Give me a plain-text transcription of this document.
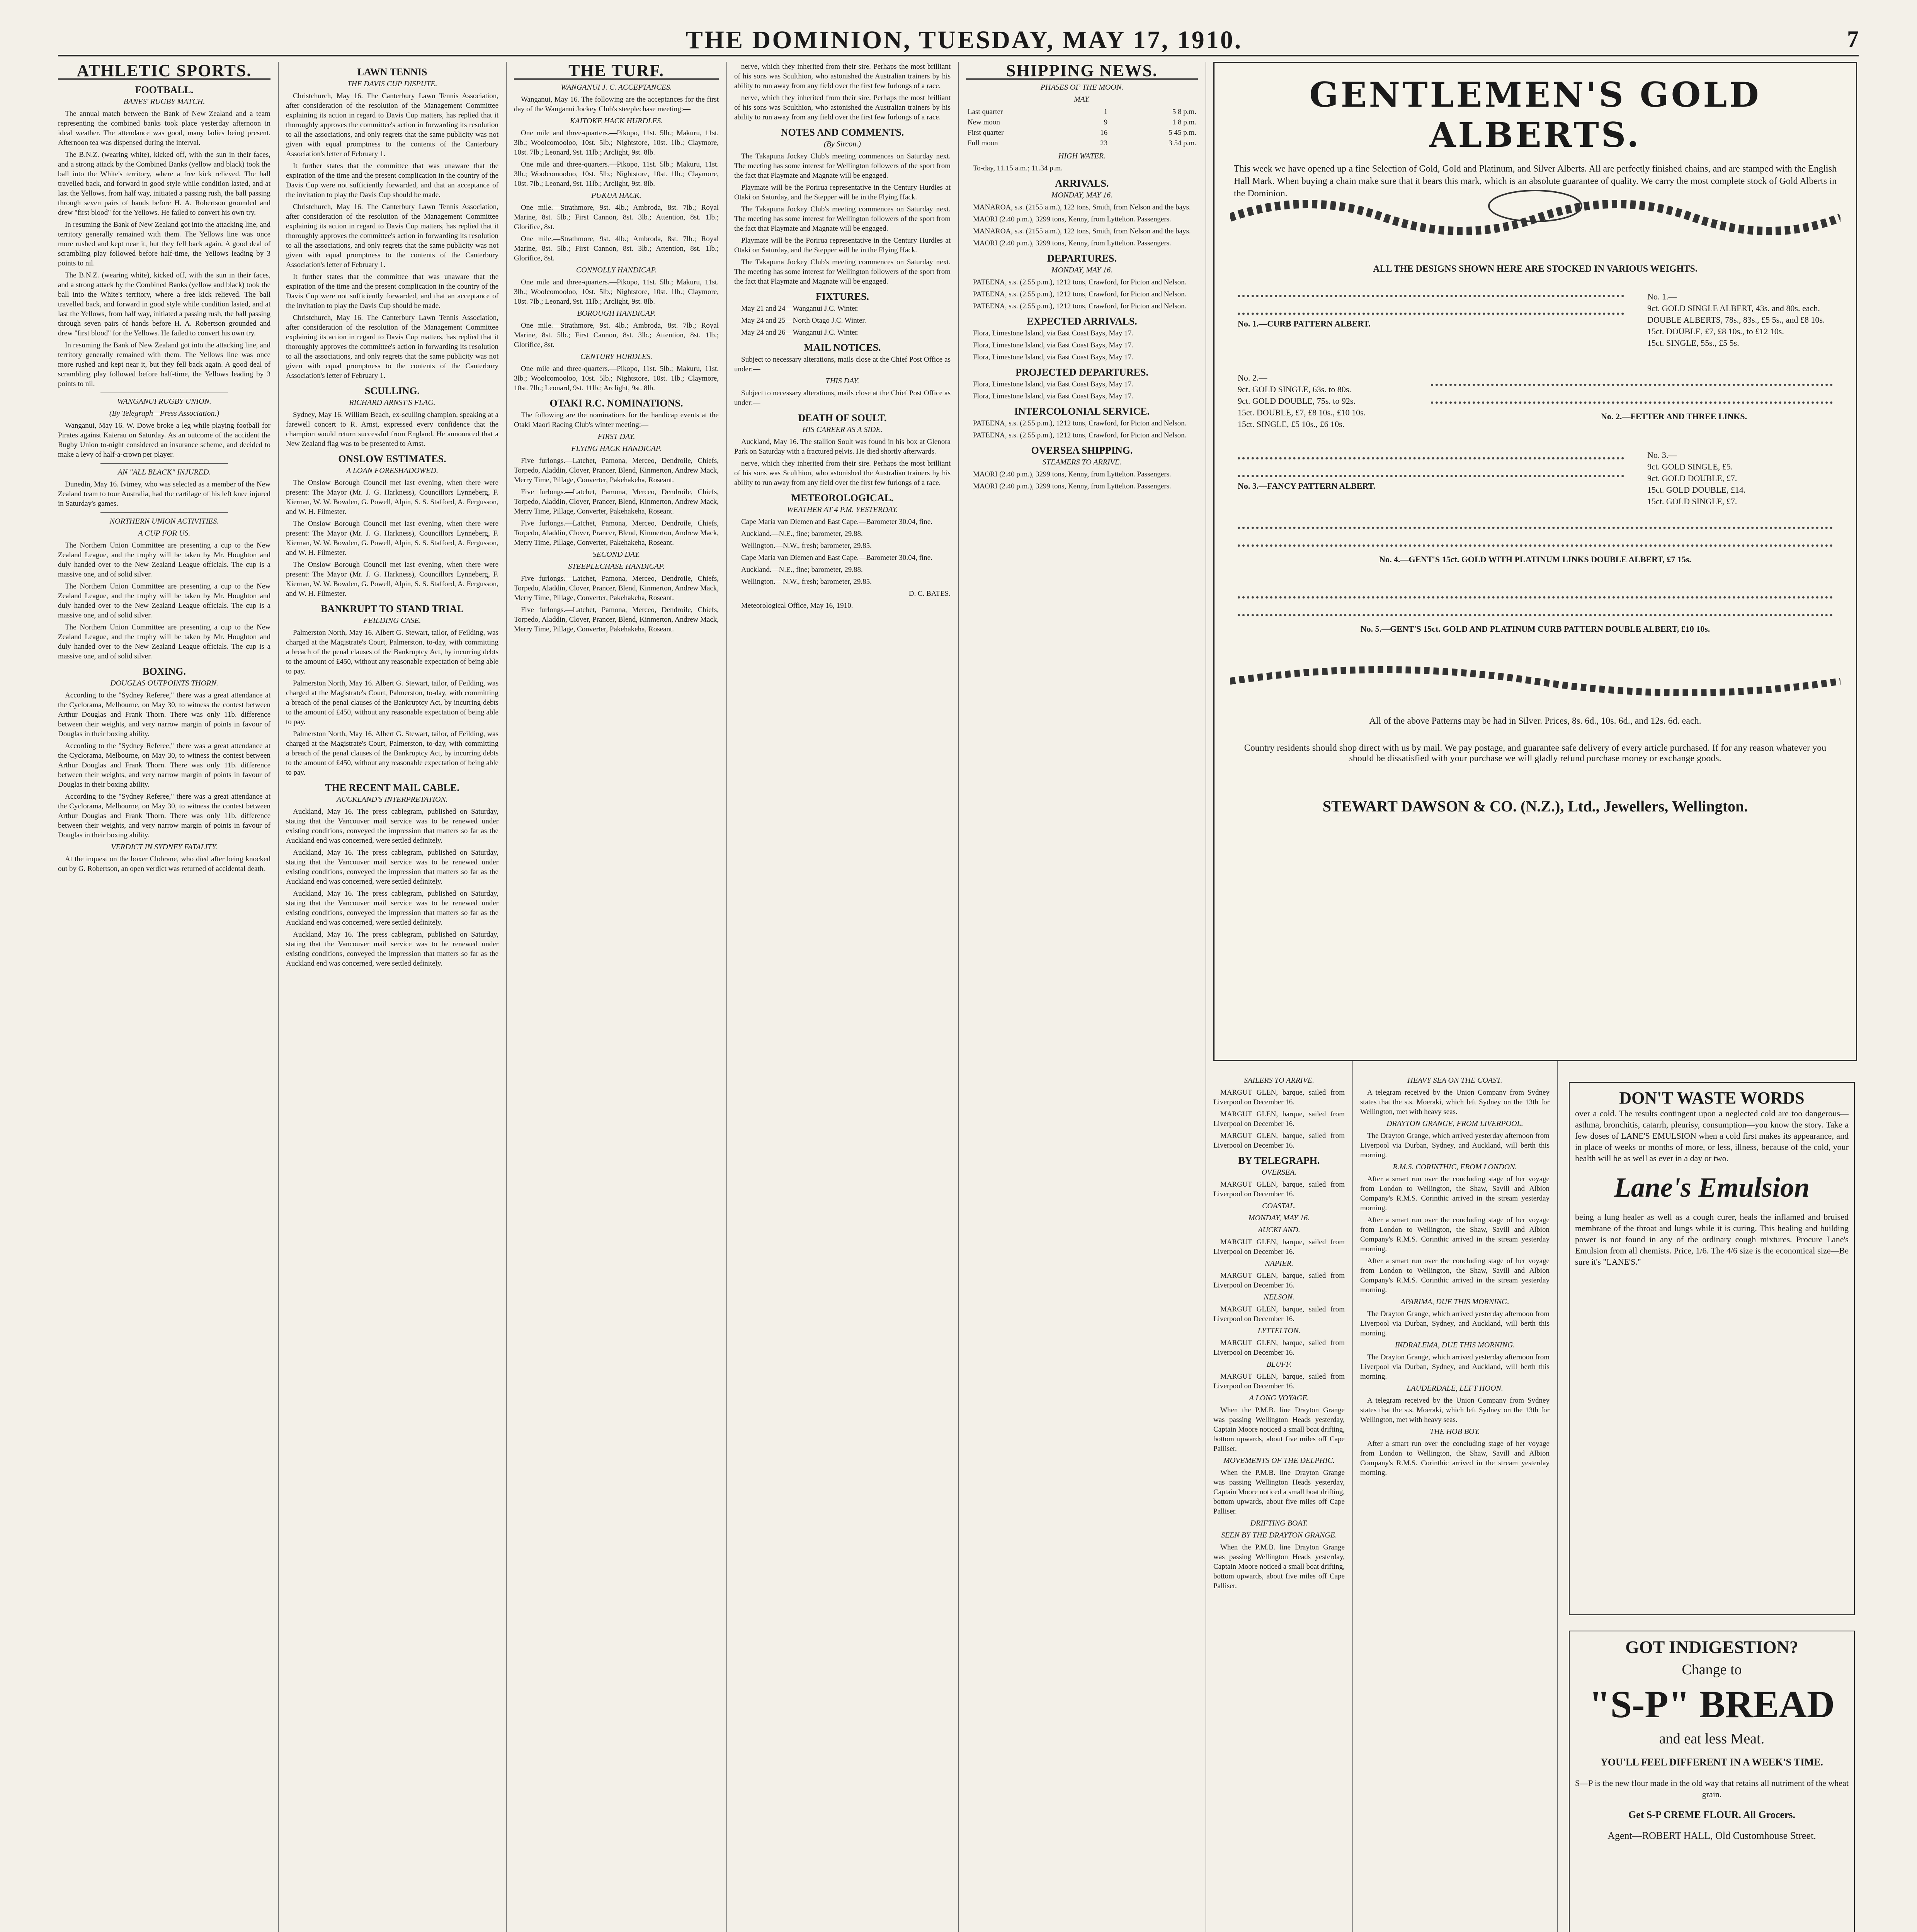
THE DOMINION, TUESDAY, MAY 17, 1910.	7
ATHLETIC SPORTS.
FOOTBALL.
BANES' RUGBY MATCH.

The annual match between the Bank of New Zealand and a team representing the combined banks took place yesterday afternoon in ideal weather. The attendance was good, many ladies being present. Afternoon tea was dispensed during the interval.

The B.N.Z. (wearing white), kicked off, with the sun in their faces, and a strong attack by the Combined Banks (yellow and black) took the ball into the White's territory, where a free kick relieved. The ball travelled back, and forward in good style while condition lasted, and at last the Yellows, from half way, initiated a passing rush, the ball passing through seven pairs of hands before H. A. Robertson grounded and drew "first blood" for the Yellows. He failed to convert his own try.

In resuming the Bank of New Zealand got into the attacking line, and territory generally remained with them. The Yellows line was once more rushed and kept near it, but they fell back again. A good deal of scrambling play followed before half-time, the Yellows leading by 3 points to nil.

The B.N.Z. (wearing white), kicked off, with the sun in their faces, and a strong attack by the Combined Banks (yellow and black) took the ball into the White's territory, where a free kick relieved. The ball travelled back, and forward in good style while condition lasted, and at last the Yellows, from half way, initiated a passing rush, the ball passing through seven pairs of hands before H. A. Robertson grounded and drew "first blood" for the Yellows. He failed to convert his own try.

In resuming the Bank of New Zealand got into the attacking line, and territory generally remained with them. The Yellows line was once more rushed and kept near it, but they fell back again. A good deal of scrambling play followed before half-time, the Yellows leading by 3 points to nil.

WANGANUI RUGBY UNION.
(By Telegraph—Press Association.)

Wanganui, May 16. W. Dowe broke a leg while playing football for Pirates against Kaierau on Saturday. As an outcome of the accident the Rugby Union to-night considered an insurance scheme, and decided to make a levy of half-a-crown per player.

AN "ALL BLACK" INJURED.

Dunedin, May 16. Ivimey, who was selected as a member of the New Zealand team to tour Australia, had the cartilage of his left knee injured in Saturday's games.

NORTHERN UNION ACTIVITIES.
A CUP FOR US.

The Northern Union Committee are presenting a cup to the New Zealand League, and the trophy will be taken by Mr. Houghton and duly handed over to the New Zealand League officials. The cup is a massive one, and of solid silver.

The Northern Union Committee are presenting a cup to the New Zealand League, and the trophy will be taken by Mr. Houghton and duly handed over to the New Zealand League officials. The cup is a massive one, and of solid silver.

The Northern Union Committee are presenting a cup to the New Zealand League, and the trophy will be taken by Mr. Houghton and duly handed over to the New Zealand League officials. The cup is a massive one, and of solid silver.

BOXING.
DOUGLAS OUTPOINTS THORN.

According to the "Sydney Referee," there was a great attendance at the Cyclorama, Melbourne, on May 30, to witness the contest between Arthur Douglas and Frank Thorn. There was only 11b. difference between their weights, and very narrow margin of points in favour of Douglas in their boxing ability.

According to the "Sydney Referee," there was a great attendance at the Cyclorama, Melbourne, on May 30, to witness the contest between Arthur Douglas and Frank Thorn. There was only 11b. difference between their weights, and very narrow margin of points in favour of Douglas in their boxing ability.

According to the "Sydney Referee," there was a great attendance at the Cyclorama, Melbourne, on May 30, to witness the contest between Arthur Douglas and Frank Thorn. There was only 11b. difference between their weights, and very narrow margin of points in favour of Douglas in their boxing ability.

VERDICT IN SYDNEY FATALITY.

At the inquest on the boxer Clobrane, who died after being knocked out by G. Robertson, an open verdict was returned of accidental death.

LAWN TENNIS
THE DAVIS CUP DISPUTE.

Christchurch, May 16. The Canterbury Lawn Tennis Association, after consideration of the resolution of the Management Committee explaining its action in regard to Davis Cup matters, has replied that it thoroughly approves the committee's action in forwarding its resolution to all the associations, and only regrets that the same publicity was not given with equal promptness to the contents of the Canterbury Association's letter of February 1.

It further states that the committee that was unaware that the expiration of the time and the present complication in the country of the Davis Cup were not sufficiently forwarded, and that an acceptance of the invitation to play the Davis Cup should be made.

Christchurch, May 16. The Canterbury Lawn Tennis Association, after consideration of the resolution of the Management Committee explaining its action in regard to Davis Cup matters, has replied that it thoroughly approves the committee's action in forwarding its resolution to all the associations, and only regrets that the same publicity was not given with equal promptness to the contents of the Canterbury Association's letter of February 1.

It further states that the committee that was unaware that the expiration of the time and the present complication in the country of the Davis Cup were not sufficiently forwarded, and that an acceptance of the invitation to play the Davis Cup should be made.

Christchurch, May 16. The Canterbury Lawn Tennis Association, after consideration of the resolution of the Management Committee explaining its action in regard to Davis Cup matters, has replied that it thoroughly approves the committee's action in forwarding its resolution to all the associations, and only regrets that the same publicity was not given with equal promptness to the contents of the Canterbury Association's letter of February 1.

SCULLING.
RICHARD ARNST'S FLAG.

Sydney, May 16. William Beach, ex-sculling champion, speaking at a farewell concert to R. Arnst, expressed every confidence that the champion would return successful from England. He announced that a New Zealand flag was to be presented to Arnst.

ONSLOW ESTIMATES.
A LOAN FORESHADOWED.

The Onslow Borough Council met last evening, when there were present: The Mayor (Mr. J. G. Harkness), Councillors Lynneberg, F. Kiernan, W. W. Bowden, G. Powell, Alpin, S. S. Stafford, A. Fergusson, and W. H. Filmester.

The Onslow Borough Council met last evening, when there were present: The Mayor (Mr. J. G. Harkness), Councillors Lynneberg, F. Kiernan, W. W. Bowden, G. Powell, Alpin, S. S. Stafford, A. Fergusson, and W. H. Filmester.

The Onslow Borough Council met last evening, when there were present: The Mayor (Mr. J. G. Harkness), Councillors Lynneberg, F. Kiernan, W. W. Bowden, G. Powell, Alpin, S. S. Stafford, A. Fergusson, and W. H. Filmester.

BANKRUPT TO STAND TRIAL
FEILDING CASE.

Palmerston North, May 16. Albert G. Stewart, tailor, of Feilding, was charged at the Magistrate's Court, Palmerston, to-day, with committing a breach of the penal clauses of the Bankruptcy Act, by incurring debts to the amount of £450, without any reasonable expectation of being able to pay.

Palmerston North, May 16. Albert G. Stewart, tailor, of Feilding, was charged at the Magistrate's Court, Palmerston, to-day, with committing a breach of the penal clauses of the Bankruptcy Act, by incurring debts to the amount of £450, without any reasonable expectation of being able to pay.

Palmerston North, May 16. Albert G. Stewart, tailor, of Feilding, was charged at the Magistrate's Court, Palmerston, to-day, with committing a breach of the penal clauses of the Bankruptcy Act, by incurring debts to the amount of £450, without any reasonable expectation of being able to pay.

THE RECENT MAIL CABLE.
AUCKLAND'S INTERPRETATION.

Auckland, May 16. The press cablegram, published on Saturday, stating that the Vancouver mail service was to be renewed under existing conditions, conveyed the impression that matters so far as the Auckland end was concerned, were settled definitely.

Auckland, May 16. The press cablegram, published on Saturday, stating that the Vancouver mail service was to be renewed under existing conditions, conveyed the impression that matters so far as the Auckland end was concerned, were settled definitely.

Auckland, May 16. The press cablegram, published on Saturday, stating that the Vancouver mail service was to be renewed under existing conditions, conveyed the impression that matters so far as the Auckland end was concerned, were settled definitely.

Auckland, May 16. The press cablegram, published on Saturday, stating that the Vancouver mail service was to be renewed under existing conditions, conveyed the impression that matters so far as the Auckland end was concerned, were settled definitely.

THE TURF.
WANGANUI J. C. ACCEPTANCES.

Wanganui, May 16. The following are the acceptances for the first day of the Wanganui Jockey Club's steeplechase meeting:—

KAITOKE HACK HURDLES.

One mile and three-quarters.—Pikopo, 11st. 5lb.; Makuru, 11st. 3lb.; Woolcomooloo, 10st. 5lb.; Nightstore, 10st. 1lb.; Claymore, 10st. 7lb.; Leonard, 9st. 11lb.; Arclight, 9st. 8lb.

One mile and three-quarters.—Pikopo, 11st. 5lb.; Makuru, 11st. 3lb.; Woolcomooloo, 10st. 5lb.; Nightstore, 10st. 1lb.; Claymore, 10st. 7lb.; Leonard, 9st. 11lb.; Arclight, 9st. 8lb.

PUKUA HACK.

One mile.—Strathmore, 9st. 4lb.; Ambroda, 8st. 7lb.; Royal Marine, 8st. 5lb.; First Cannon, 8st. 3lb.; Attention, 8st. 1lb.; Glorifice, 8st.

One mile.—Strathmore, 9st. 4lb.; Ambroda, 8st. 7lb.; Royal Marine, 8st. 5lb.; First Cannon, 8st. 3lb.; Attention, 8st. 1lb.; Glorifice, 8st.

CONNOLLY HANDICAP.

One mile and three-quarters.—Pikopo, 11st. 5lb.; Makuru, 11st. 3lb.; Woolcomooloo, 10st. 5lb.; Nightstore, 10st. 1lb.; Claymore, 10st. 7lb.; Leonard, 9st. 11lb.; Arclight, 9st. 8lb.

BOROUGH HANDICAP.

One mile.—Strathmore, 9st. 4lb.; Ambroda, 8st. 7lb.; Royal Marine, 8st. 5lb.; First Cannon, 8st. 3lb.; Attention, 8st. 1lb.; Glorifice, 8st.

CENTURY HURDLES.

One mile and three-quarters.—Pikopo, 11st. 5lb.; Makuru, 11st. 3lb.; Woolcomooloo, 10st. 5lb.; Nightstore, 10st. 1lb.; Claymore, 10st. 7lb.; Leonard, 9st. 11lb.; Arclight, 9st. 8lb.

OTAKI R.C. NOMINATIONS.

The following are the nominations for the handicap events at the Otaki Maori Racing Club's winter meeting:—

FIRST DAY.
FLYING HACK HANDICAP.

Five furlongs.—Latchet, Pamona, Merceo, Dendroile, Chiefs, Torpedo, Aladdin, Clover, Prancer, Blend, Kinmerton, Andrew Mack, Merry Time, Pillage, Converter, Pakehakeha, Roseant.

Five furlongs.—Latchet, Pamona, Merceo, Dendroile, Chiefs, Torpedo, Aladdin, Clover, Prancer, Blend, Kinmerton, Andrew Mack, Merry Time, Pillage, Converter, Pakehakeha, Roseant.

Five furlongs.—Latchet, Pamona, Merceo, Dendroile, Chiefs, Torpedo, Aladdin, Clover, Prancer, Blend, Kinmerton, Andrew Mack, Merry Time, Pillage, Converter, Pakehakeha, Roseant.

SECOND DAY.
STEEPLECHASE HANDICAP.

Five furlongs.—Latchet, Pamona, Merceo, Dendroile, Chiefs, Torpedo, Aladdin, Clover, Prancer, Blend, Kinmerton, Andrew Mack, Merry Time, Pillage, Converter, Pakehakeha, Roseant.

Five furlongs.—Latchet, Pamona, Merceo, Dendroile, Chiefs, Torpedo, Aladdin, Clover, Prancer, Blend, Kinmerton, Andrew Mack, Merry Time, Pillage, Converter, Pakehakeha, Roseant.

nerve, which they inherited from their sire. Perhaps the most brilliant of his sons was Sculthion, who astonished the Australian trainers by his ability to run away from any field over the first few furlongs of a race.

nerve, which they inherited from their sire. Perhaps the most brilliant of his sons was Sculthion, who astonished the Australian trainers by his ability to run away from any field over the first few furlongs of a race.

NOTES AND COMMENTS.
(By Sircon.)

The Takapuna Jockey Club's meeting commences on Saturday next. The meeting has some interest for Wellington followers of the sport from the fact that Playmate and Magnate will be engaged.

Playmate will be the Porirua representative in the Century Hurdles at Otaki on Saturday, and the Stepper will be in the Flying Hack.

The Takapuna Jockey Club's meeting commences on Saturday next. The meeting has some interest for Wellington followers of the sport from the fact that Playmate and Magnate will be engaged.

Playmate will be the Porirua representative in the Century Hurdles at Otaki on Saturday, and the Stepper will be in the Flying Hack.

The Takapuna Jockey Club's meeting commences on Saturday next. The meeting has some interest for Wellington followers of the sport from the fact that Playmate and Magnate will be engaged.

FIXTURES.

May 21 and 24—Wanganui J.C. Winter.

May 24 and 25—North Otago J.C. Winter.

May 24 and 26—Wanganui J.C. Winter.

MAIL NOTICES.

Subject to necessary alterations, mails close at the Chief Post Office as under:—

THIS DAY.

Subject to necessary alterations, mails close at the Chief Post Office as under:—

DEATH OF SOULT.
HIS CAREER AS A SIDE.

Auckland, May 16. The stallion Soult was found in his box at Glenora Park on Saturday with a fractured pelvis. He died shortly afterwards.

nerve, which they inherited from their sire. Perhaps the most brilliant of his sons was Sculthion, who astonished the Australian trainers by his ability to run away from any field over the first few furlongs of a race.

METEOROLOGICAL.
WEATHER AT 4 P.M. YESTERDAY.

Cape Maria van Diemen and East Cape.—Barometer 30.04, fine.

Auckland.—N.E., fine; barometer, 29.88.

Wellington.—N.W., fresh; barometer, 29.85.

Cape Maria van Diemen and East Cape.—Barometer 30.04, fine.

Auckland.—N.E., fine; barometer, 29.88.

Wellington.—N.W., fresh; barometer, 29.85.

D. C. BATES.

Meteorological Office, May 16, 1910.

SHIPPING NEWS.
PHASES OF THE MOON.
MAY.
Last quarter	1	5 8 p.m.
New moon	9	1 8 p.m.
First quarter	16	5 45 p.m.
Full moon	23	3 54 p.m.
HIGH WATER.

To-day, 11.15 a.m.; 11.34 p.m.

ARRIVALS.
MONDAY, MAY 16.

MANAROA, s.s. (2155 a.m.), 122 tons, Smith, from Nelson and the bays.

MAORI (2.40 p.m.), 3299 tons, Kenny, from Lyttelton. Passengers.

MANAROA, s.s. (2155 a.m.), 122 tons, Smith, from Nelson and the bays.

MAORI (2.40 p.m.), 3299 tons, Kenny, from Lyttelton. Passengers.

DEPARTURES.
MONDAY, MAY 16.

PATEENA, s.s. (2.55 p.m.), 1212 tons, Crawford, for Picton and Nelson.

PATEENA, s.s. (2.55 p.m.), 1212 tons, Crawford, for Picton and Nelson.

PATEENA, s.s. (2.55 p.m.), 1212 tons, Crawford, for Picton and Nelson.

EXPECTED ARRIVALS.

Flora, Limestone Island, via East Coast Bays, May 17.

Flora, Limestone Island, via East Coast Bays, May 17.

Flora, Limestone Island, via East Coast Bays, May 17.

PROJECTED DEPARTURES.

Flora, Limestone Island, via East Coast Bays, May 17.

Flora, Limestone Island, via East Coast Bays, May 17.

INTERCOLONIAL SERVICE.

PATEENA, s.s. (2.55 p.m.), 1212 tons, Crawford, for Picton and Nelson.

PATEENA, s.s. (2.55 p.m.), 1212 tons, Crawford, for Picton and Nelson.

OVERSEA SHIPPING.
STEAMERS TO ARRIVE.

MAORI (2.40 p.m.), 3299 tons, Kenny, from Lyttelton. Passengers.

MAORI (2.40 p.m.), 3299 tons, Kenny, from Lyttelton. Passengers.

GENTLEMEN'S GOLD ALBERTS.
This week we have opened up a fine Selection of Gold, Gold and Platinum, and Silver Alberts. All are perfectly finished chains, and are stamped with the English Hall Mark. When buying a chain make sure that it bears this mark, which is an absolute guarantee of quality. We carry the most complete stock of Gold Alberts in the Dominion.
ALL THE DESIGNS SHOWN HERE ARE STOCKED IN VARIOUS WEIGHTS.
No. 1.—CURB PATTERN ALBERT.
No. 1.—
9ct. GOLD SINGLE ALBERT, 43s. and 80s. each.
DOUBLE ALBERTS, 78s., 83s., £5 5s., and £8 10s.
15ct. DOUBLE, £7, £8 10s., to £12 10s.
15ct. SINGLE, 55s., £5 5s.
No. 2.—
9ct. GOLD SINGLE, 63s. to 80s.
9ct. GOLD DOUBLE, 75s. to 92s.
15ct. DOUBLE, £7, £8 10s., £10 10s.
15ct. SINGLE, £5 10s., £6 10s.
No. 2.—FETTER AND THREE LINKS.
No. 3.—FANCY PATTERN ALBERT.
No. 3.—
9ct. GOLD SINGLE, £5.
9ct. GOLD DOUBLE, £7.
15ct. GOLD DOUBLE, £14.
15ct. GOLD SINGLE, £7.
No. 4.—GENT'S 15ct. GOLD WITH PLATINUM LINKS DOUBLE ALBERT, £7 15s.
No. 5.—GENT'S 15ct. GOLD AND PLATINUM CURB PATTERN DOUBLE ALBERT, £10 10s.
All of the above Patterns may be had in Silver. Prices, 8s. 6d., 10s. 6d., and 12s. 6d. each.
Country residents should shop direct with us by mail. We pay postage, and guarantee safe delivery of every article purchased. If for any reason whatever you should be dissatisfied with your purchase we will gladly refund purchase money or exchange goods.
STEWART DAWSON & CO. (N.Z.), Ltd., Jewellers, Wellington.
SAILERS TO ARRIVE.

MARGUT GLEN, barque, sailed from Liverpool on December 16.

MARGUT GLEN, barque, sailed from Liverpool on December 16.

MARGUT GLEN, barque, sailed from Liverpool on December 16.

BY TELEGRAPH.
OVERSEA.

MARGUT GLEN, barque, sailed from Liverpool on December 16.

COASTAL.
MONDAY, MAY 16.
AUCKLAND.

MARGUT GLEN, barque, sailed from Liverpool on December 16.

NAPIER.

MARGUT GLEN, barque, sailed from Liverpool on December 16.

NELSON.

MARGUT GLEN, barque, sailed from Liverpool on December 16.

LYTTELTON.

MARGUT GLEN, barque, sailed from Liverpool on December 16.

BLUFF.

MARGUT GLEN, barque, sailed from Liverpool on December 16.

A LONG VOYAGE.

When the P.M.B. line Drayton Grange was passing Wellington Heads yesterday, Captain Moore noticed a small boat drifting, bottom upwards, about five miles off Cape Palliser.

MOVEMENTS OF THE DELPHIC.

When the P.M.B. line Drayton Grange was passing Wellington Heads yesterday, Captain Moore noticed a small boat drifting, bottom upwards, about five miles off Cape Palliser.

DRIFTING BOAT.
SEEN BY THE DRAYTON GRANGE.

When the P.M.B. line Drayton Grange was passing Wellington Heads yesterday, Captain Moore noticed a small boat drifting, bottom upwards, about five miles off Cape Palliser.

HEAVY SEA ON THE COAST.

A telegram received by the Union Company from Sydney states that the s.s. Moeraki, which left Sydney on the 13th for Wellington, met with heavy seas.

DRAYTON GRANGE, FROM LIVERPOOL.

The Drayton Grange, which arrived yesterday afternoon from Liverpool via Durban, Sydney, and Auckland, will berth this morning.

R.M.S. CORINTHIC, FROM LONDON.

After a smart run over the concluding stage of her voyage from London to Wellington, the Shaw, Savill and Albion Company's R.M.S. Corinthic arrived in the stream yesterday morning.

After a smart run over the concluding stage of her voyage from London to Wellington, the Shaw, Savill and Albion Company's R.M.S. Corinthic arrived in the stream yesterday morning.

After a smart run over the concluding stage of her voyage from London to Wellington, the Shaw, Savill and Albion Company's R.M.S. Corinthic arrived in the stream yesterday morning.

APARIMA, DUE THIS MORNING.

The Drayton Grange, which arrived yesterday afternoon from Liverpool via Durban, Sydney, and Auckland, will berth this morning.

INDRALEMA, DUE THIS MORNING.

The Drayton Grange, which arrived yesterday afternoon from Liverpool via Durban, Sydney, and Auckland, will berth this morning.

LAUDERDALE, LEFT HOON.

A telegram received by the Union Company from Sydney states that the s.s. Moeraki, which left Sydney on the 13th for Wellington, met with heavy seas.

THE HOB BOY.

After a smart run over the concluding stage of her voyage from London to Wellington, the Shaw, Savill and Albion Company's R.M.S. Corinthic arrived in the stream yesterday morning.

DON'T WASTE WORDS
over a cold. The results contingent upon a neglected cold are too dangerous—asthma, bronchitis, catarrh, pleurisy, consumption—you know the story. Take a few doses of LANE'S EMULSION when a cold first makes its appearance, and in place of weeks or months of more, or less, illness, because of the cold, your health will be as well as ever in a day or two.
Lane's Emulsion
being a lung healer as well as a cough curer, heals the inflamed and bruised membrane of the throat and lungs while it is curing. This healing and building power is not found in any of the ordinary cough mixtures. Procure Lane's Emulsion from all chemists. Price, 1/6. The 4/6 size is the economical size—Be sure it's "LANE'S."
GOT INDIGESTION?
Change to
"S-P" BREAD
and eat less Meat.
YOU'LL FEEL DIFFERENT IN A WEEK'S TIME.
S—P is the new flour made in the old way that retains all nutriment of the wheat grain.
Get S-P CREME FLOUR. All Grocers.
Agent—ROBERT HALL, Old Customhouse Street.
